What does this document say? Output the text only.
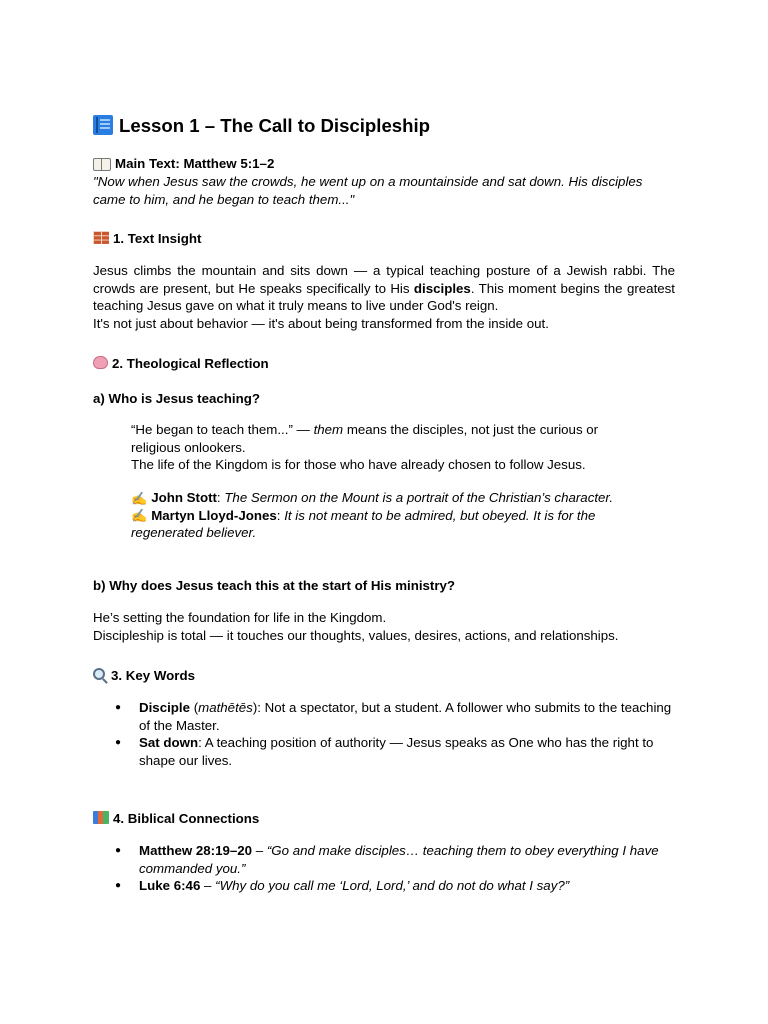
Lesson 1 – The Call to Discipleship
Main Text: Matthew 5:1–2

"Now when Jesus saw the crowds, he went up on a mountainside and sat down. His disciples came to him, and he began to teach them..."

1. Text Insight

Jesus climbs the mountain and sits down — a typical teaching posture of a Jewish rabbi. The crowds are present, but He speaks specifically to His disciples. This moment begins the greatest teaching Jesus gave on what it truly means to live under God's reign.

It's not just about behavior — it's about being transformed from the inside out.

2. Theological Reflection
a) Who is Jesus teaching?

“He began to teach them...” — them means the disciples, not just the curious or religious onlookers.

The life of the Kingdom is for those who have already chosen to follow Jesus.

✍ John Stott: The Sermon on the Mount is a portrait of the Christian’s character.

✍ Martyn Lloyd-Jones: It is not meant to be admired, but obeyed. It is for the regenerated believer.

b) Why does Jesus teach this at the start of His ministry?

He’s setting the foundation for life in the Kingdom.

Discipleship is total — it touches our thoughts, values, desires, actions, and relationships.

3. Key Words
● Disciple (mathētēs): Not a spectator, but a student. A follower who submits to the teaching of the Master.
● Sat down: A teaching position of authority — Jesus speaks as One who has the right to shape our lives.
4. Biblical Connections
● Matthew 28:19–20 – “Go and make disciples… teaching them to obey everything I have commanded you.”
● Luke 6:46 – “Why do you call me ‘Lord, Lord,’ and do not do what I say?”
